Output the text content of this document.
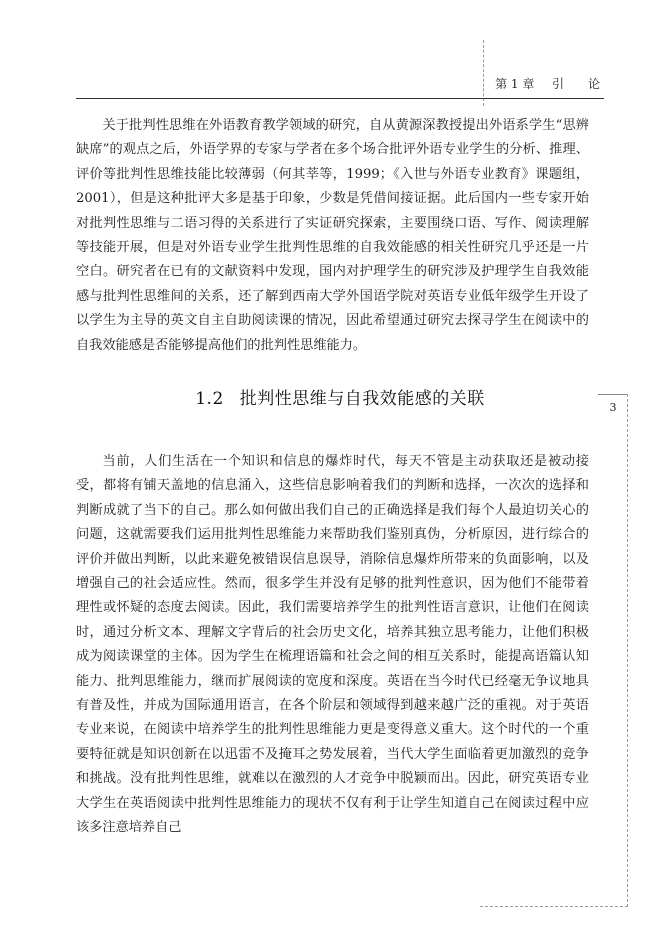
第 1 章 引　　论

关于批判性思维在外语教育教学领域的研究，自从黄源深教授提出外语系学生“思辨缺席”的观点之后，外语学界的专家与学者在多个场合批评外语专业学生的分析、推理、评价等批判性思维技能比较薄弱（何其莘等，1999；《入世与外语专业教育》课题组，2001），但是这种批评大多是基于印象，少数是凭借间接证据。此后国内一些专家开始对批判性思维与二语习得的关系进行了实证研究探索，主要围绕口语、写作、阅读理解等技能开展，但是对外语专业学生批判性思维的自我效能感的相关性研究几乎还是一片空白。研究者在已有的文献资料中发现，国内对护理学生的研究涉及护理学生自我效能感与批判性思维间的关系，还了解到西南大学外国语学院对英语专业低年级学生开设了以学生为主导的英文自主自助阅读课的情况，因此希望通过研究去探寻学生在阅读中的自我效能感是否能够提高他们的批判性思维能力。

1.2 批判性思维与自我效能感的关联	3

当前，人们生活在一个知识和信息的爆炸时代，每天不管是主动获取还是被动接受，都将有铺天盖地的信息涌入，这些信息影响着我们的判断和选择，一次次的选择和判断成就了当下的自己。那么如何做出我们自己的正确选择是我们每个人最迫切关心的问题，这就需要我们运用批判性思维能力来帮助我们鉴别真伪，分析原因，进行综合的评价并做出判断，以此来避免被错误信息误导，消除信息爆炸所带来的负面影响，以及增强自己的社会适应性。然而，很多学生并没有足够的批判性意识，因为他们不能带着理性或怀疑的态度去阅读。因此，我们需要培养学生的批判性语言意识，让他们在阅读时，通过分析文本、理解文字背后的社会历史文化，培养其独立思考能力，让他们积极成为阅读课堂的主体。因为学生在梳理语篇和社会之间的相互关系时，能提高语篇认知能力、批判思维能力，继而扩展阅读的宽度和深度。英语在当今时代已经毫无争议地具有普及性，并成为国际通用语言，在各个阶层和领域得到越来越广泛的重视。对于英语专业来说，在阅读中培养学生的批判性思维能力更是变得意义重大。这个时代的一个重要特征就是知识创新在以迅雷不及掩耳之势发展着，当代大学生面临着更加激烈的竞争和挑战。没有批判性思维，就难以在激烈的人才竞争中脱颖而出。因此，研究英语专业大学生在英语阅读中批判性思维能力的现状不仅有利于让学生知道自己在阅读过程中应该多注意培养自己
